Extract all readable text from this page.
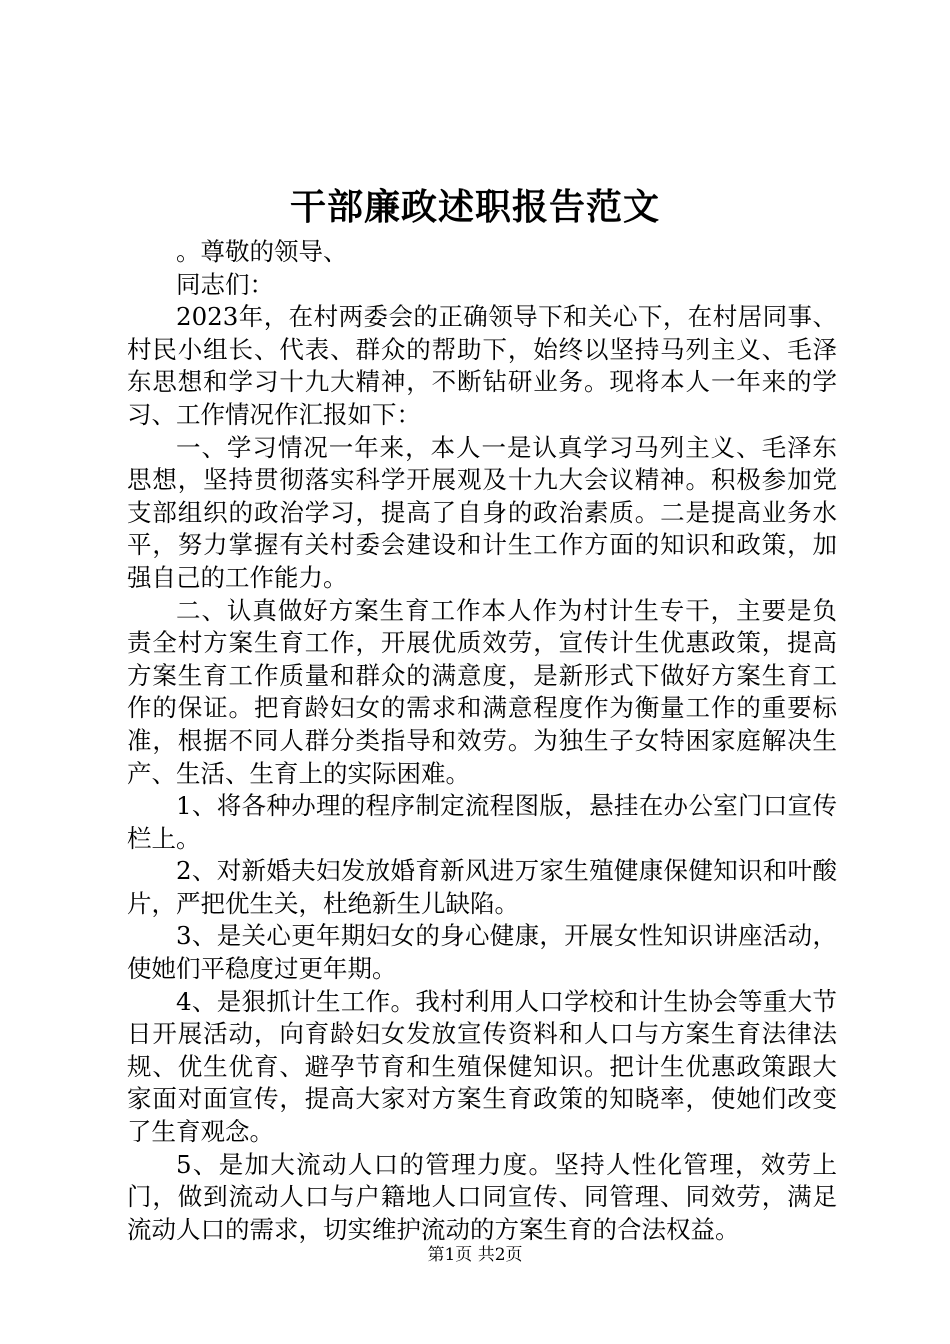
干部廉政述职报告范文

。尊敬的领导、

同志们：

2023年，在村两委会的正确领导下和关心下，在村居同事、村民小组长、代表、群众的帮助下，始终以坚持马列主义、毛泽东思想和学习十九大精神，不断钻研业务。现将本人一年来的学习、工作情况作汇报如下：

一、学习情况一年来，本人一是认真学习马列主义、毛泽东思想，坚持贯彻落实科学开展观及十九大会议精神。积极参加党支部组织的政治学习，提高了自身的政治素质。二是提高业务水平，努力掌握有关村委会建设和计生工作方面的知识和政策，加强自己的工作能力。

二、认真做好方案生育工作本人作为村计生专干，主要是负责全村方案生育工作，开展优质效劳，宣传计生优惠政策，提高方案生育工作质量和群众的满意度，是新形式下做好方案生育工作的保证。把育龄妇女的需求和满意程度作为衡量工作的重要标准，根据不同人群分类指导和效劳。为独生子女特困家庭解决生产、生活、生育上的实际困难。

1、将各种办理的程序制定流程图版，悬挂在办公室门口宣传栏上。

2、对新婚夫妇发放婚育新风进万家生殖健康保健知识和叶酸片，严把优生关，杜绝新生儿缺陷。

3、是关心更年期妇女的身心健康，开展女性知识讲座活动，使她们平稳度过更年期。

4、是狠抓计生工作。我村利用人口学校和计生协会等重大节日开展活动，向育龄妇女发放宣传资料和人口与方案生育法律法规、优生优育、避孕节育和生殖保健知识。把计生优惠政策跟大家面对面宣传，提高大家对方案生育政策的知晓率，使她们改变了生育观念。

5、是加大流动人口的管理力度。坚持人性化管理，效劳上门，做到流动人口与户籍地人口同宣传、同管理、同效劳，满足流动人口的需求，切实维护流动的方案生育的合法权益。

第1页 共2页
